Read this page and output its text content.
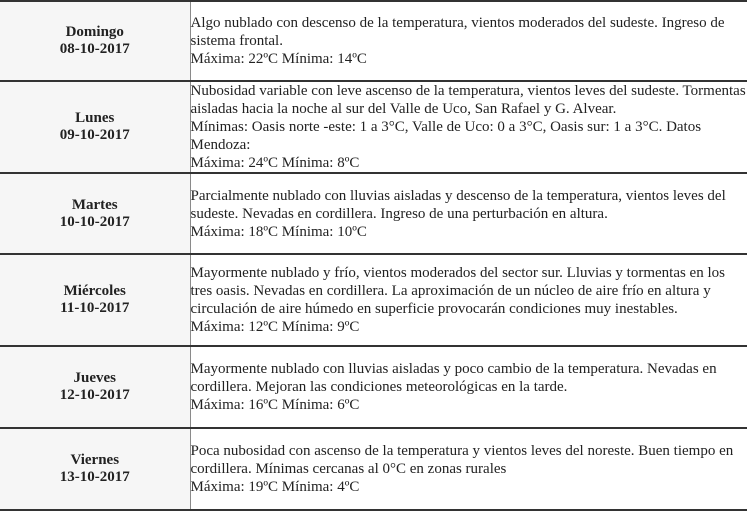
Domingo
08-10-2017	Algo nublado con descenso de la temperatura, vientos moderados del sudeste. Ingreso de sistema frontal.
Máxima: 22ºC Mínima: 14ºC

Lunes
09-10-2017	Nubosidad variable con leve ascenso de la temperatura, vientos leves del sudeste. Tormentas aisladas hacia la noche al sur del Valle de Uco, San Rafael y G. Alvear.
Mínimas: Oasis norte -este: 1 a 3°C, Valle de Uco: 0 a 3°C, Oasis sur: 1 a 3°C. Datos Mendoza:
Máxima: 24ºC Mínima: 8ºC

Martes
10-10-2017	Parcialmente nublado con lluvias aisladas y descenso de la temperatura, vientos leves del sudeste. Nevadas en cordillera. Ingreso de una perturbación en altura.
Máxima: 18ºC Mínima: 10ºC

Miércoles
11-10-2017	Mayormente nublado y frío, vientos moderados del sector sur. Lluvias y tormentas en los tres oasis. Nevadas en cordillera. La aproximación de un núcleo de aire frío en altura y circulación de aire húmedo en superficie provocarán condiciones muy inestables.
Máxima: 12ºC Mínima: 9ºC

Jueves
12-10-2017	Mayormente nublado con lluvias aisladas y poco cambio de la temperatura. Nevadas en cordillera. Mejoran las condiciones meteorológicas en la tarde.
Máxima: 16ºC Mínima: 6ºC

Viernes
13-10-2017	Poca nubosidad con ascenso de la temperatura y vientos leves del noreste. Buen tiempo en cordillera. Mínimas cercanas al 0°C en zonas rurales
Máxima: 19ºC Mínima: 4ºC
